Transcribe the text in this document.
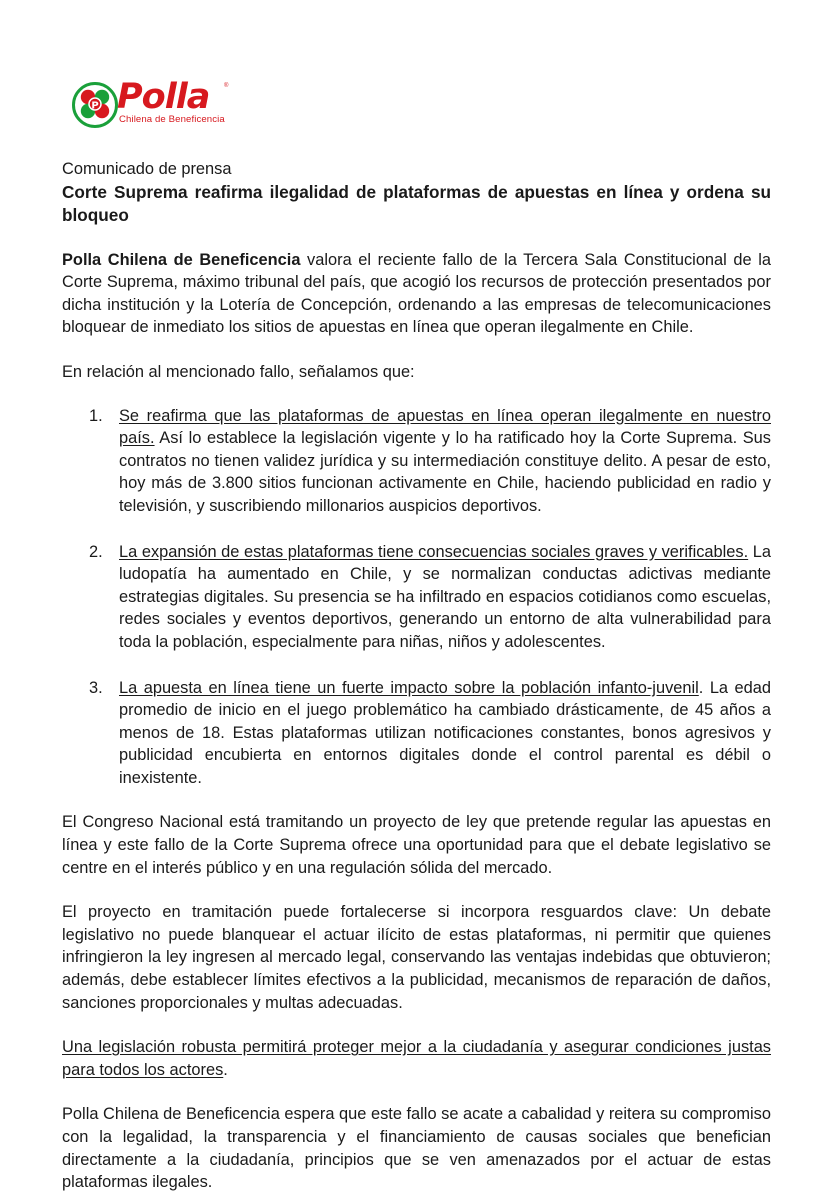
P Polla ®
Chilena de Beneficencia

Comunicado de prensa

Corte Suprema reafirma ilegalidad de plataformas de apuestas en línea y ordena su bloqueo

Polla Chilena de Beneficencia valora el reciente fallo de la Tercera Sala Constitucional de la Corte Suprema, máximo tribunal del país, que acogió los recursos de protección presentados por dicha institución y la Lotería de Concepción, ordenando a las empresas de telecomunicaciones bloquear de inmediato los sitios de apuestas en línea que operan ilegalmente en Chile.

En relación al mencionado fallo, señalamos que:

1. Se reafirma que las plataformas de apuestas en línea operan ilegalmente en nuestro país. Así lo establece la legislación vigente y lo ha ratificado hoy la Corte Suprema. Sus contratos no tienen validez jurídica y su intermediación constituye delito. A pesar de esto, hoy más de 3.800 sitios funcionan activamente en Chile, haciendo publicidad en radio y televisión, y suscribiendo millonarios auspicios deportivos.
2. La expansión de estas plataformas tiene consecuencias sociales graves y verificables. La ludopatía ha aumentado en Chile, y se normalizan conductas adictivas mediante estrategias digitales. Su presencia se ha infiltrado en espacios cotidianos como escuelas, redes sociales y eventos deportivos, generando un entorno de alta vulnerabilidad para toda la población, especialmente para niñas, niños y adolescentes.
3. La apuesta en línea tiene un fuerte impacto sobre la población infanto-juvenil. La edad promedio de inicio en el juego problemático ha cambiado drásticamente, de 45 años a menos de 18. Estas plataformas utilizan notificaciones constantes, bonos agresivos y publicidad encubierta en entornos digitales donde el control parental es débil o inexistente.

El Congreso Nacional está tramitando un proyecto de ley que pretende regular las apuestas en línea y este fallo de la Corte Suprema ofrece una oportunidad para que el debate legislativo se centre en el interés público y en una regulación sólida del mercado.

El proyecto en tramitación puede fortalecerse si incorpora resguardos clave: Un debate legislativo no puede blanquear el actuar ilícito de estas plataformas, ni permitir que quienes infringieron la ley ingresen al mercado legal, conservando las ventajas indebidas que obtuvieron; además, debe establecer límites efectivos a la publicidad, mecanismos de reparación de daños, sanciones proporcionales y multas adecuadas.

Una legislación robusta permitirá proteger mejor a la ciudadanía y asegurar condiciones justas para todos los actores.

Polla Chilena de Beneficencia espera que este fallo se acate a cabalidad y reitera su compromiso con la legalidad, la transparencia y el financiamiento de causas sociales que benefician directamente a la ciudadanía, principios que se ven amenazados por el actuar de estas plataformas ilegales.
